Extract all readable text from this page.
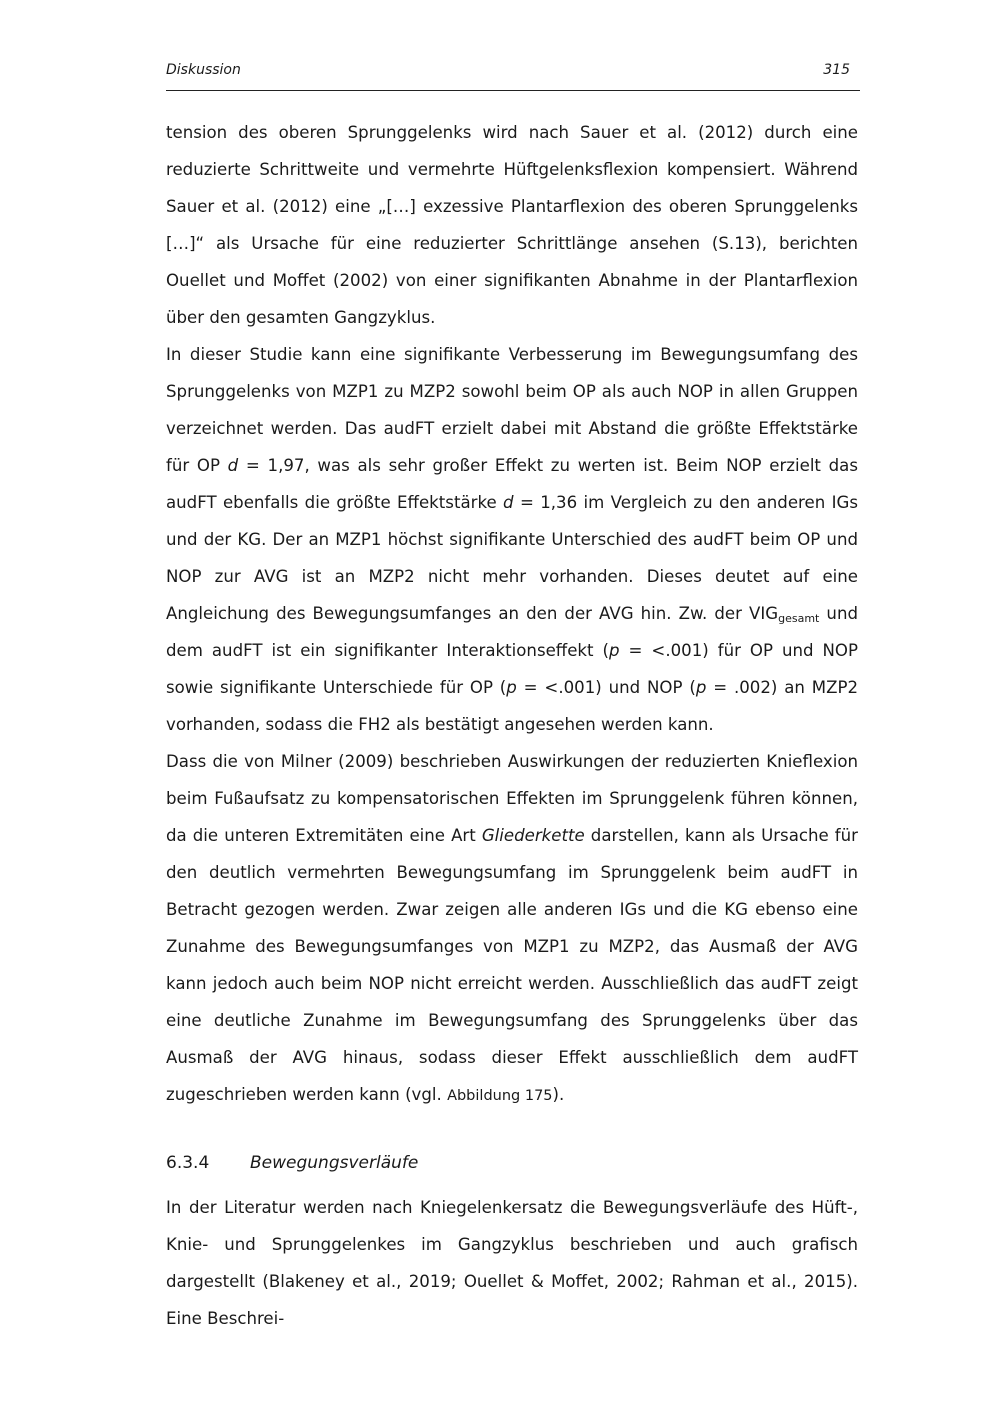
Diskussion	315

tension des oberen Sprunggelenks wird nach Sauer et al. (2012) durch eine reduzierte Schrittweite und vermehrte Hüftgelenksflexion kompensiert. Während Sauer et al. (2012) eine „[…] exzessive Plantarflexion des oberen Sprunggelenks […]“ als Ursache für eine reduzierter Schrittlänge ansehen (S.13), berichten Ouellet und Moffet (2002) von einer signifikanten Abnahme in der Plantarflexion über den gesamten Gangzyklus.

In dieser Studie kann eine signifikante Verbesserung im Bewegungsumfang des Sprunggelenks von MZP1 zu MZP2 sowohl beim OP als auch NOP in allen Gruppen verzeichnet werden. Das audFT erzielt dabei mit Abstand die größte Effektstärke für OP d = 1,97, was als sehr großer Effekt zu werten ist. Beim NOP erzielt das audFT ebenfalls die größte Effektstärke d = 1,36 im Vergleich zu den anderen IGs und der KG. Der an MZP1 höchst signifikante Unterschied des audFT beim OP und NOP zur AVG ist an MZP2 nicht mehr vorhanden. Dieses deutet auf eine Angleichung des Bewegungsumfanges an den der AVG hin. Zw. der $VIG_{gesamt}$ und dem audFT ist ein signifikanter Interaktionseffekt (p = <.001) für OP und NOP sowie signifikante Unterschiede für OP (p = <.001) und NOP (p = .002) an MZP2 vorhanden, sodass die FH2 als bestätigt angesehen werden kann.

Dass die von Milner (2009) beschrieben Auswirkungen der reduzierten Knieflexion beim Fußaufsatz zu kompensatorischen Effekten im Sprunggelenk führen können, da die unteren Extremitäten eine Art Gliederkette darstellen, kann als Ursache für den deutlich vermehrten Bewegungsumfang im Sprunggelenk beim audFT in Betracht gezogen werden. Zwar zeigen alle anderen IGs und die KG ebenso eine Zunahme des Bewegungsumfanges von MZP1 zu MZP2, das Ausmaß der AVG kann jedoch auch beim NOP nicht erreicht werden. Ausschließlich das audFT zeigt eine deutliche Zunahme im Bewegungsumfang des Sprunggelenks über das Ausmaß der AVG hinaus, sodass dieser Effekt ausschließlich dem audFT zugeschrieben werden kann (vgl. Abbildung 175).

6.3.4 Bewegungsverläufe

In der Literatur werden nach Kniegelenkersatz die Bewegungsverläufe des Hüft-, Knie- und Sprunggelenkes im Gangzyklus beschrieben und auch grafisch dargestellt (Blakeney et al., 2019; Ouellet & Moffet, 2002; Rahman et al., 2015). Eine Beschrei-
